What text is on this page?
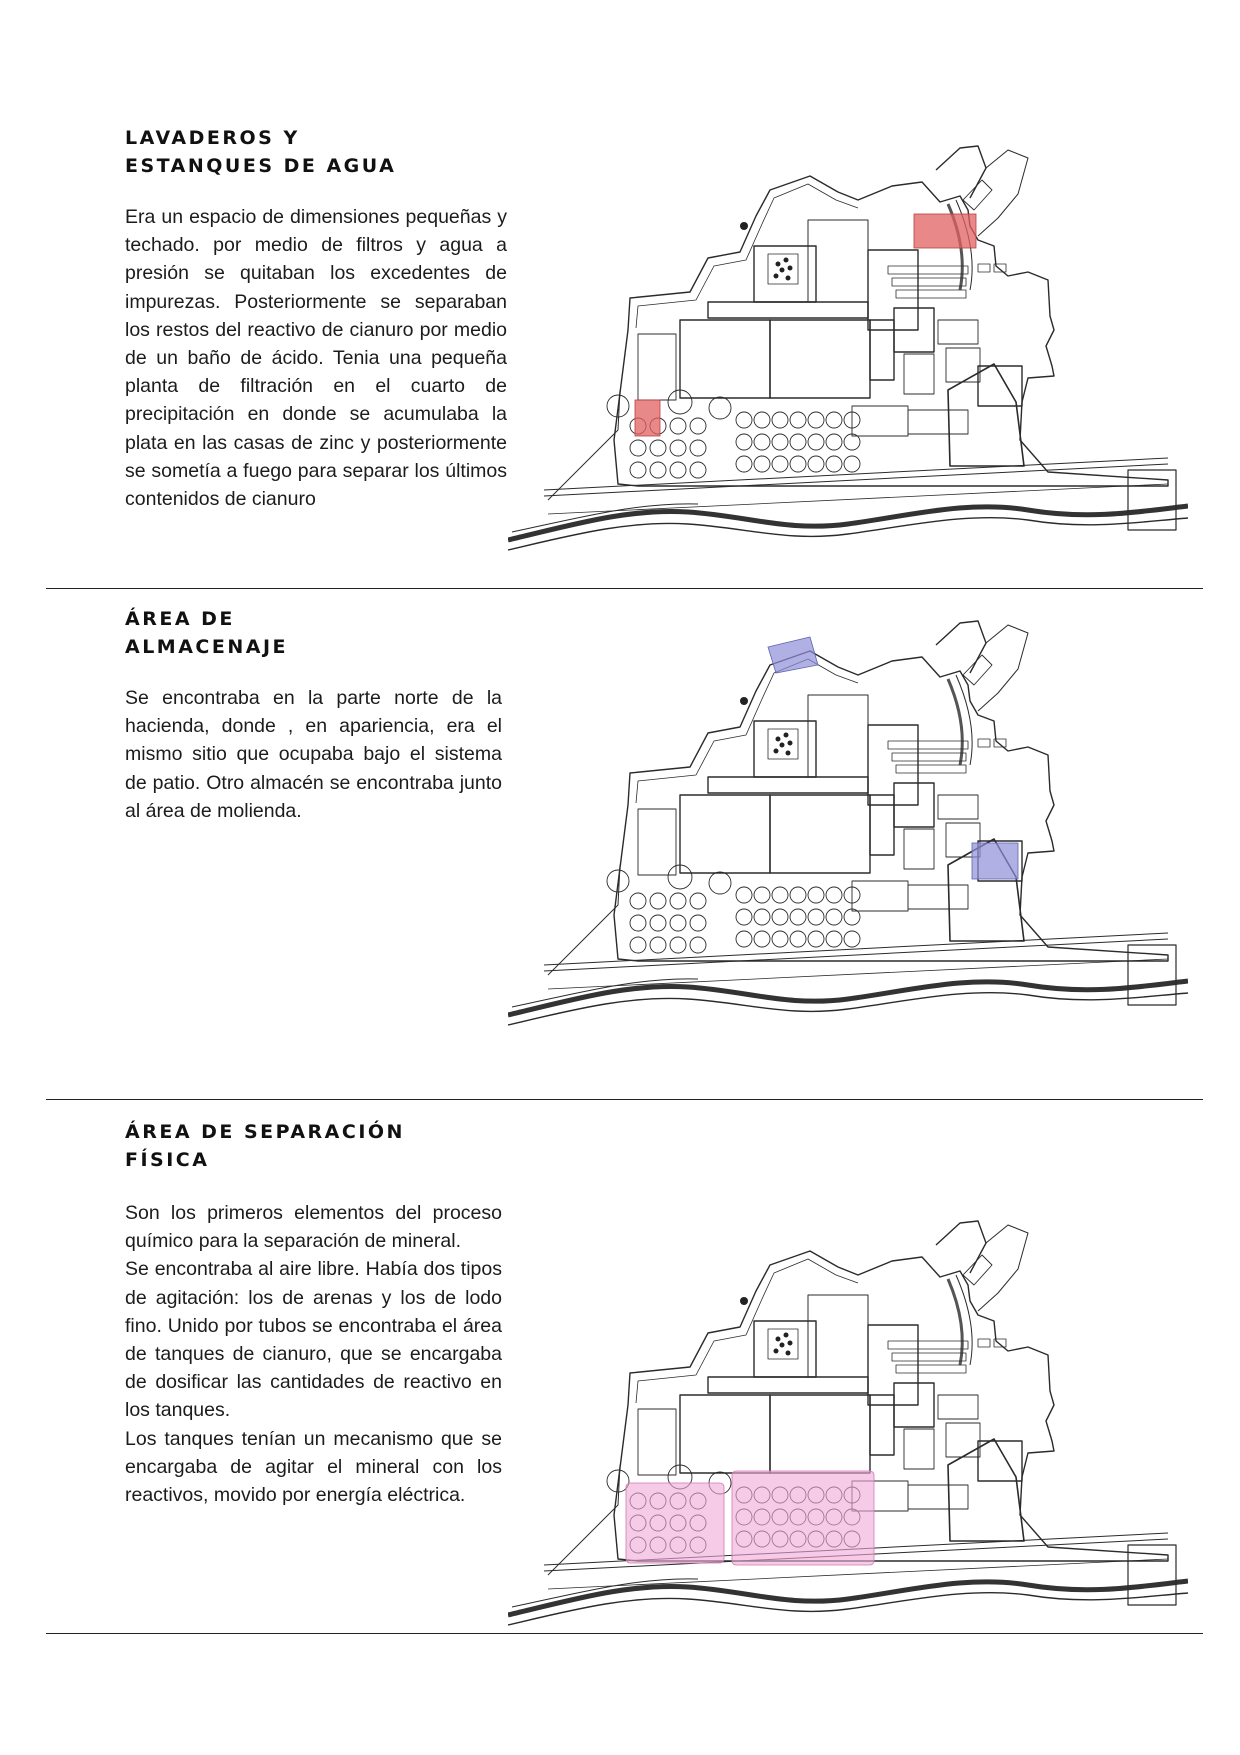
LAVADEROS Y
ESTANQUES DE AGUA

Era un espacio de dimensiones pequeñas y techado. por medio de filtros y agua a presión se quitaban los excedentes de impurezas. Posteriormente se separaban los restos del reactivo de cianuro por medio de un baño de ácido. Tenia una pequeña planta de filtración en el cuarto de precipitación en donde se acumulaba la plata en las casas de zinc y posteriormente se sometía a fuego para separar los últimos contenidos de cianuro

ÁREA DE
ALMACENAJE

Se encontraba en la parte norte de la hacienda, donde , en apariencia, era el mismo sitio que ocupaba bajo el sistema de patio. Otro almacén se encontraba junto al área de molienda.

ÁREA DE SEPARACIÓN
FÍSICA

Son los primeros elementos del proceso químico para la separación de mineral.

Se encontraba al aire libre. Había dos tipos de agitación: los de arenas y los de lodo fino. Unido por tubos se encontraba el área de tanques de cianuro, que se encargaba de dosificar las cantidades de reactivo en los tanques.

Los tanques tenían un mecanismo que se encargaba de agitar el mineral con los reactivos, movido por energía eléctrica.
